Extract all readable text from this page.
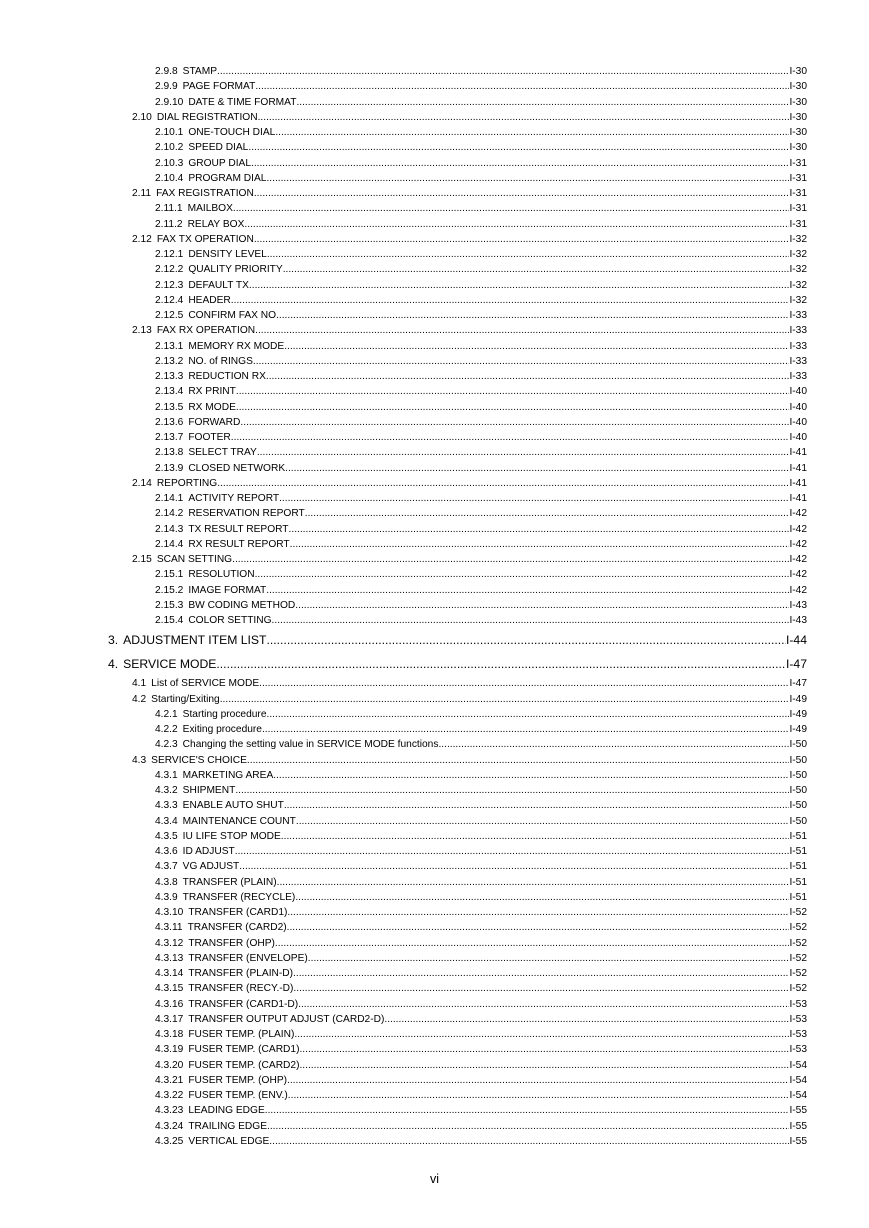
2.9.8 STAMP .....	I-30
2.9.9 PAGE FORMAT .....	I-30
2.9.10 DATE & TIME FORMAT .....	I-30
2.10 DIAL REGISTRATION .....	I-30
2.10.1 ONE-TOUCH DIAL .....	I-30
2.10.2 SPEED DIAL .....	I-30
2.10.3 GROUP DIAL .....	I-31
2.10.4 PROGRAM DIAL .....	I-31
2.11 FAX REGISTRATION .....	I-31
2.11.1 MAILBOX .....	I-31
2.11.2 RELAY BOX .....	I-31
2.12 FAX TX OPERATION .....	I-32
2.12.1 DENSITY LEVEL .....	I-32
2.12.2 QUALITY PRIORITY .....	I-32
2.12.3 DEFAULT TX .....	I-32
2.12.4 HEADER .....	I-32
2.12.5 CONFIRM FAX NO. .....	I-33
2.13 FAX RX OPERATION .....	I-33
2.13.1 MEMORY RX MODE .....	I-33
2.13.2 NO. of RINGS .....	I-33
2.13.3 REDUCTION RX .....	I-33
2.13.4 RX PRINT .....	I-40
2.13.5 RX MODE .....	I-40
2.13.6 FORWARD .....	I-40
2.13.7 FOOTER .....	I-40
2.13.8 SELECT TRAY .....	I-41
2.13.9 CLOSED NETWORK .....	I-41
2.14 REPORTING .....	I-41
2.14.1 ACTIVITY REPORT .....	I-41
2.14.2 RESERVATION REPORT .....	I-42
2.14.3 TX RESULT REPORT .....	I-42
2.14.4 RX RESULT REPORT .....	I-42
2.15 SCAN SETTING .....	I-42
2.15.1 RESOLUTION .....	I-42
2.15.2 IMAGE FORMAT .....	I-42
2.15.3 BW CODING METHOD .....	I-43
2.15.4 COLOR SETTING .....	I-43
3. ADJUSTMENT ITEM LIST .....	I-44
4. SERVICE MODE .....	I-47
4.1 List of SERVICE MODE .....	I-47
4.2 Starting/Exiting .....	I-49
4.2.1 Starting procedure .....	I-49
4.2.2 Exiting procedure .....	I-49
4.2.3 Changing the setting value in SERVICE MODE functions .....	I-50
4.3 SERVICE'S CHOICE .....	I-50
4.3.1 MARKETING AREA .....	I-50
4.3.2 SHIPMENT .....	I-50
4.3.3 ENABLE AUTO SHUT .....	I-50
4.3.4 MAINTENANCE COUNT .....	I-50
4.3.5 IU LIFE STOP MODE .....	I-51
4.3.6 ID ADJUST .....	I-51
4.3.7 VG ADJUST .....	I-51
4.3.8 TRANSFER (PLAIN) .....	I-51
4.3.9 TRANSFER (RECYCLE) .....	I-51
4.3.10 TRANSFER (CARD1) .....	I-52
4.3.11 TRANSFER (CARD2) .....	I-52
4.3.12 TRANSFER (OHP) .....	I-52
4.3.13 TRANSFER (ENVELOPE) .....	I-52
4.3.14 TRANSFER (PLAIN-D) .....	I-52
4.3.15 TRANSFER (RECY.-D) .....	I-52
4.3.16 TRANSFER (CARD1-D) .....	I-53
4.3.17 TRANSFER OUTPUT ADJUST (CARD2-D) .....	I-53
4.3.18 FUSER TEMP. (PLAIN) .....	I-53
4.3.19 FUSER TEMP. (CARD1) .....	I-53
4.3.20 FUSER TEMP. (CARD2) .....	I-54
4.3.21 FUSER TEMP. (OHP) .....	I-54
4.3.22 FUSER TEMP. (ENV.) .....	I-54
4.3.23 LEADING EDGE .....	I-55
4.3.24 TRAILING EDGE .....	I-55
4.3.25 VERTICAL EDGE .....	I-55
vi
